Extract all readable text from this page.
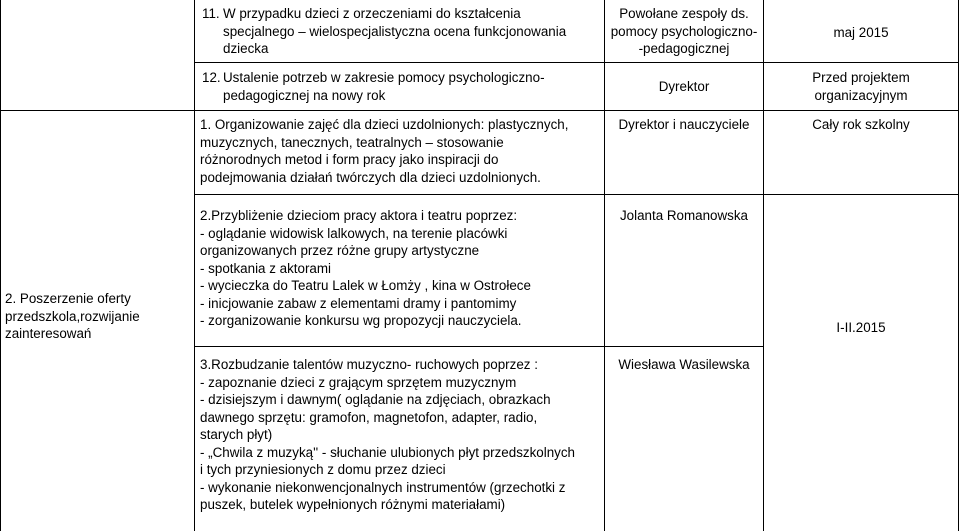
11. W przypadku dzieci z orzeczeniami do kształcenia
specjalnego – wielospecjalistyczna ocena funkcjonowania
dziecka
Powołane zespoły ds.
pomocy psychologiczno-
-pedagogicznej
maj 2015
12. Ustalenie potrzeb w zakresie pomocy psychologiczno-
pedagogicznej na nowy rok
Dyrektor
Przed projektem
organizacyjnym
1. Organizowanie zajęć dla dzieci uzdolnionych: plastycznych,
muzycznych, tanecznych, teatralnych – stosowanie
różnorodnych metod i form pracy jako inspiracji do
podejmowania działań twórczych dla dzieci uzdolnionych.
Dyrektor i nauczyciele	Cały rok szkolny
2.Przybliżenie dzieciom pracy aktora i teatru poprzez:
- oglądanie widowisk lalkowych, na terenie placówki
organizowanych przez różne grupy artystyczne
- spotkania z aktorami
- wycieczka do Teatru Lalek w Łomży , kina w Ostrołece
- inicjowanie zabaw z elementami dramy i pantomimy
- zorganizowanie konkursu wg propozycji nauczyciela.
Jolanta Romanowska
3.Rozbudzanie talentów muzyczno- ruchowych poprzez :
- zapoznanie dzieci z grającym sprzętem muzycznym
- dzisiejszym i dawnym( oglądanie na zdjęciach, obrazkach
dawnego sprzętu: gramofon, magnetofon, adapter, radio,
starych płyt)
- „Chwila z muzyką'' - słuchanie ulubionych płyt przedszkolnych
i tych przyniesionych z domu przez dzieci
- wykonanie niekonwencjonalnych instrumentów (grzechotki z
puszek, butelek wypełnionych różnymi materiałami)
Wiesława Wasilewska
2. Poszerzenie oferty
przedszkola,rozwijanie
zainteresowań	I-II.2015
